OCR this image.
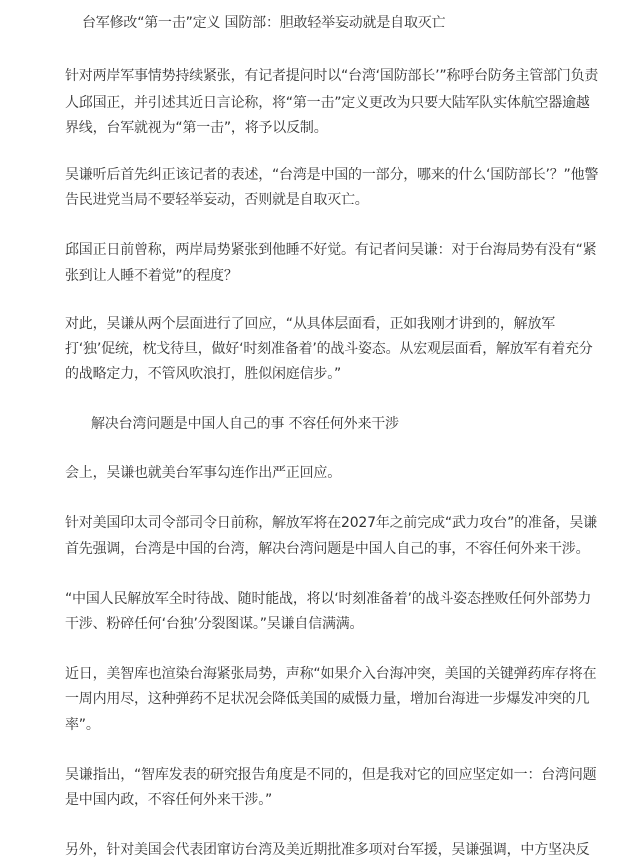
台军修改“第一击”定义 国防部：胆敢轻举妄动就是自取灭亡
针对两岸军事情势持续紧张，有记者提问时以“台湾‘国防部长’”称呼台防务主管部门负责
人邱国正，并引述其近日言论称，将“第一击”定义更改为只要大陆军队实体航空器逾越
界线，台军就视为“第一击”，将予以反制。
吴谦听后首先纠正该记者的表述，“台湾是中国的一部分，哪来的什么‘国防部长’？”他警
告民进党当局不要轻举妄动，否则就是自取灭亡。
邱国正日前曾称，两岸局势紧张到他睡不好觉。有记者问吴谦：对于台海局势有没有“紧
张到让人睡不着觉”的程度？
对此，吴谦从两个层面进行了回应，“从具体层面看，正如我刚才讲到的，解放军
打‘独’促统，枕戈待旦，做好‘时刻准备着’的战斗姿态。从宏观层面看，解放军有着充分
的战略定力，不管风吹浪打，胜似闲庭信步。”
解决台湾问题是中国人自己的事 不容任何外来干涉
会上，吴谦也就美台军事勾连作出严正回应。
针对美国印太司令部司令日前称，解放军将在2027年之前完成“武力攻台”的准备，吴谦
首先强调，台湾是中国的台湾，解决台湾问题是中国人自己的事，不容任何外来干涉。
“中国人民解放军全时待战、随时能战，将以‘时刻准备着’的战斗姿态挫败任何外部势力
干涉、粉碎任何‘台独’分裂图谋。”吴谦自信满满。
近日，美智库也渲染台海紧张局势，声称“如果介入台海冲突，美国的关键弹药库存将在
一周内用尽，这种弹药不足状况会降低美国的威慑力量，增加台海进一步爆发冲突的几
率”。
吴谦指出，“智库发表的研究报告角度是不同的，但是我对它的回应坚定如一：台湾问题
是中国内政，不容任何外来干涉。”
另外，针对美国会代表团窜访台湾及美近期批准多项对台军援，吴谦强调，中方坚决反
